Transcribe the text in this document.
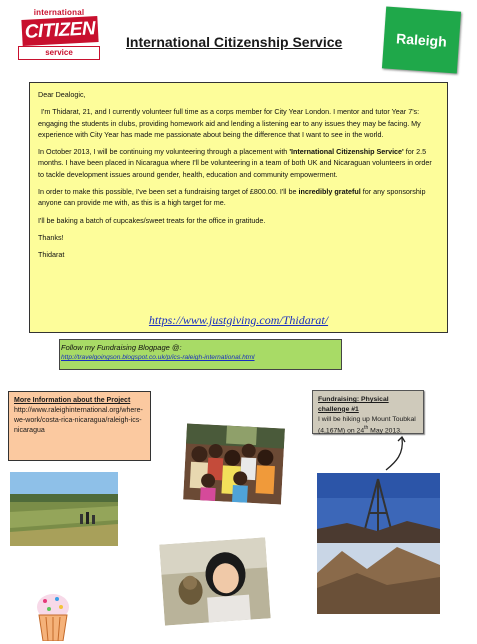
international
CITIZEN
service
International Citizenship Service	Raleigh

Dear Dealogic,

I'm Thidarat, 21, and I currently volunteer full time as a corps member for City Year London. I mentor and tutor Year 7's: engaging the students in clubs, providing homework aid and lending a listening ear to any issues they may be facing. My experience with City Year has made me passionate about being the difference that I want to see in the world.

In October 2013, I will be continuing my volunteering through a placement with 'International Citizenship Service' for 2.5 months. I have been placed in Nicaragua where I'll be volunteering in a team of both UK and Nicaraguan volunteers in order to tackle development issues around gender, health, education and community empowerment.

In order to make this possible, I've been set a fundraising target of £800.00. I'll be incredibly grateful for any sponsorship anyone can provide me with, as this is a high target for me.

I'll be baking a batch of cupcakes/sweet treats for the office in gratitude.

Thanks!

Thidarat

https://www.justgiving.com/Thidarat/
Follow my Fundraising Blogpage @:
http://travelgoingson.blogspot.co.uk/p/ics-raleigh-international.html
More Information about the Project
http://www.raleighinternational.org/where-we-work/costa-rica-nicaragua/raleigh-ics-nicaragua
Fundraising: Physical challenge #1
I will be hiking up Mount Toubkal (4,167M) on 24th May 2013.
